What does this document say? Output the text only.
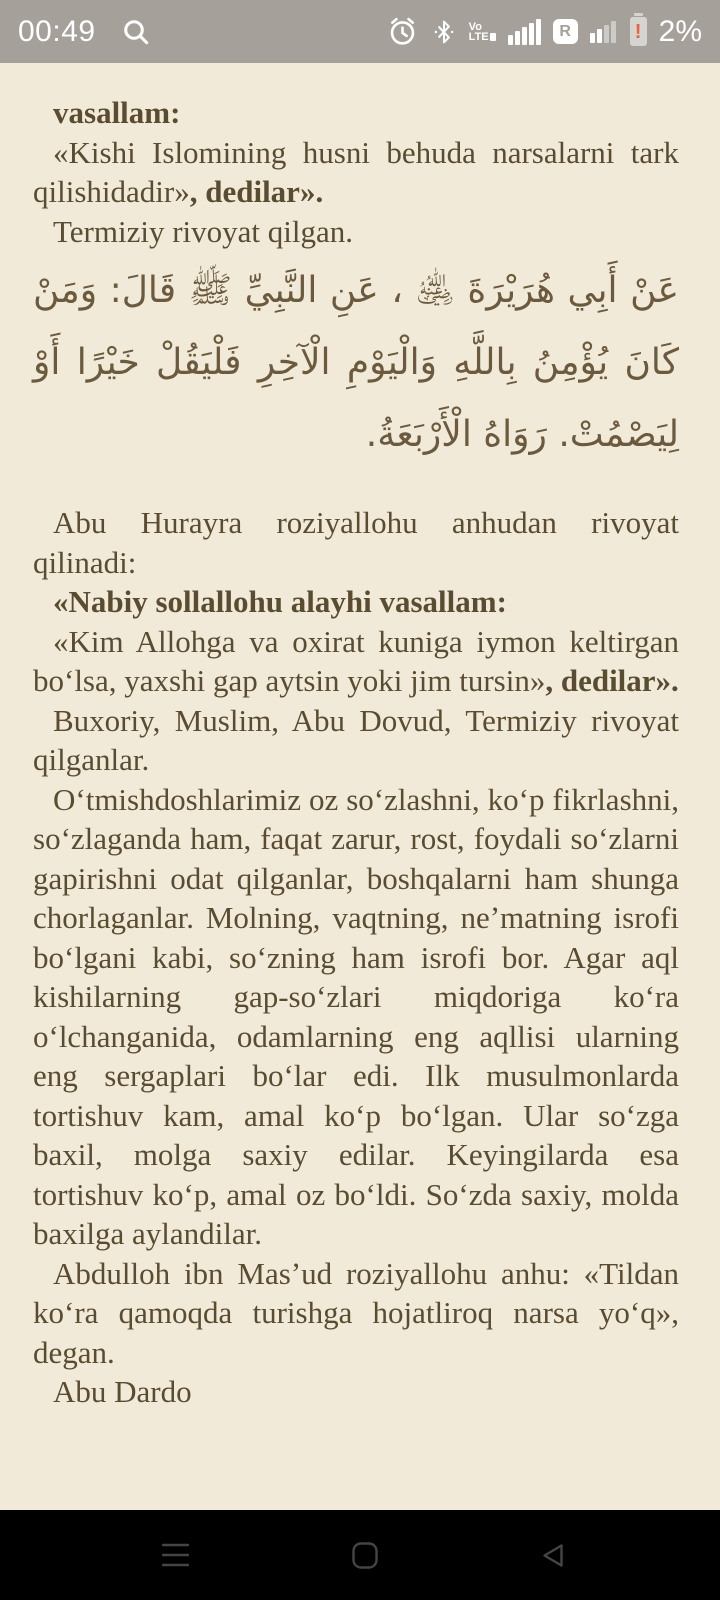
00:49	Vo
LTE	R	! 2%

vasallam:

«Kishi Islomining husni behuda narsalarni tark qilishidadir», dedilar».

Termiziy rivoyat qilgan.

عَنْ أَبِي هُرَيْرَةَ ﵁ ، عَنِ النَّبِيِّ ﷺ قَالَ: وَمَنْ كَانَ يُؤْمِنُ بِاللَّهِ وَالْيَوْمِ الْآخِرِ فَلْيَقُلْ خَيْرًا أَوْ لِيَصْمُتْ. رَوَاهُ الْأَرْبَعَةُ.

Abu Hurayra roziyallohu anhudan rivoyat qilinadi:

«Nabiy sollallohu alayhi vasallam:

«Kim Allohga va oxirat kuniga iymon keltirgan boʻlsa, yaxshi gap aytsin yoki jim tursin», dedilar».

Buxoriy, Muslim, Abu Dovud, Termiziy rivoyat qilganlar.

Oʻtmishdoshlarimiz oz soʻzlashni, koʻp fikrlashni, soʻzlaganda ham, faqat zarur, rost, foydali soʻzlarni gapirishni odat qilganlar, boshqalarni ham shunga chorlaganlar. Molning, vaqtning, neʼmatning isrofi boʻlgani kabi, soʻzning ham isrofi bor. Agar aql kishilarning gap-soʻzlari miqdoriga koʻra oʻlchanganida, odamlarning eng aqllisi ularning eng sergaplari boʻlar edi. Ilk musulmonlarda tortishuv kam, amal koʻp boʻlgan. Ular soʻzga baxil, molga saxiy edilar. Keyingilarda esa tortishuv koʻp, amal oz boʻldi. Soʻzda saxiy, molda baxilga aylandilar.

Abdulloh ibn Masʼud roziyallohu anhu: «Tildan koʻra qamoqda turishga hojatliroq narsa yoʻq», degan.

Abu Dardo
